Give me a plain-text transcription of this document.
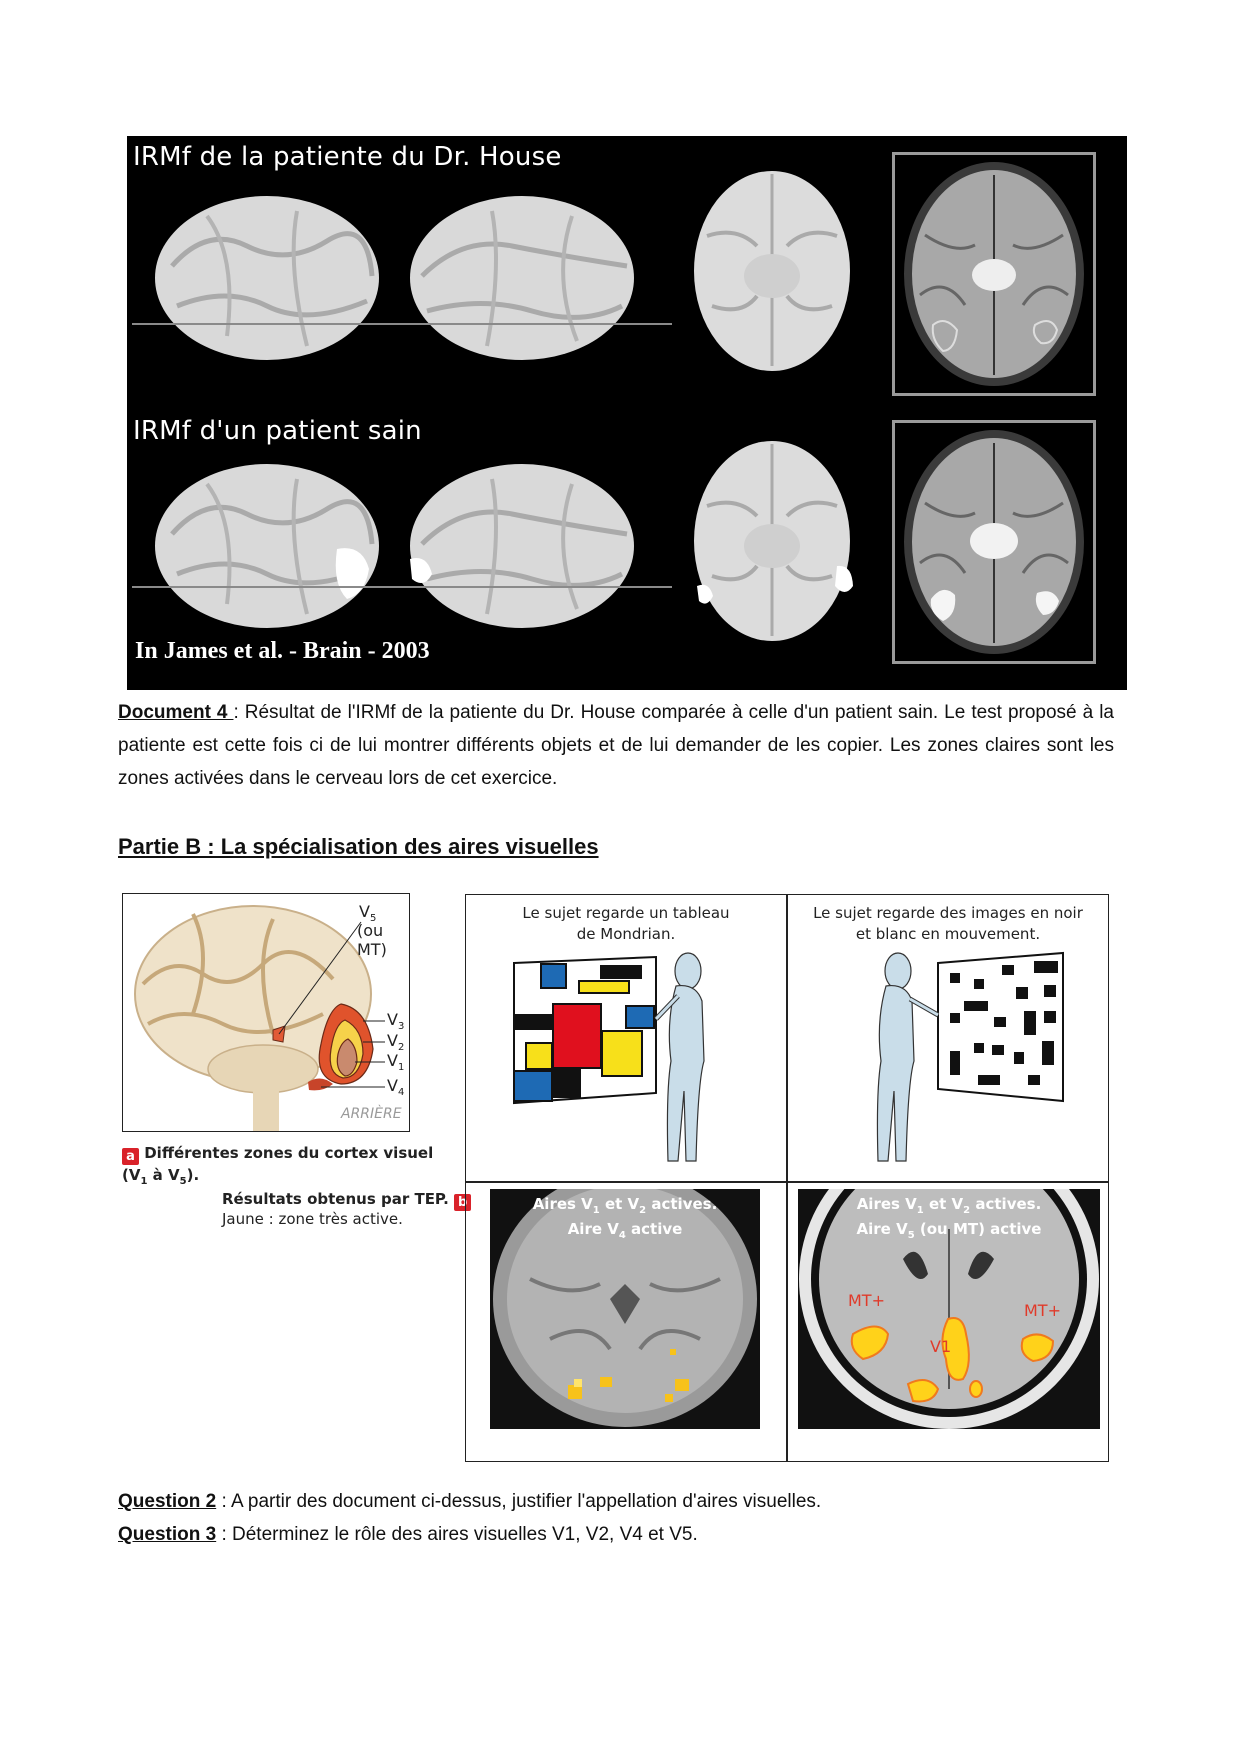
IRMf de la patiente du Dr. House
IRMf d'un patient sain
In James et al. - Brain - 2003
Document 4 : Résultat de l'IRMf de la patiente du Dr. House comparée à celle d'un patient sain. Le test proposé à la patiente est cette fois ci de lui montrer différents objets et de lui demander de les copier. Les zones claires sont les zones activées dans le cerveau lors de cet exercice.
Partie B : La spécialisation des aires visuelles
$V_5$
(ou MT)
$V_3$
$V_2$
$V_1$
$V_4$
ARRIÈRE
a Différentes zones du cortex visuel
($V_1$ à $V_5$).
Résultats obtenus par TEP. b
Jaune : zone très active.
Le sujet regarde un tableau
de Mondrian.
Le sujet regarde des images en noir
et blanc en mouvement.
Aires $V_1$ et $V_2$ actives.
Aire $V_4$ active
Aires $V_1$ et $V_2$ actives.
Aire $V_5$ (ou MT) active
MT+
MT+
V1
Question 2 : A partir des document ci-dessus, justifier l'appellation d'aires visuelles.
Question 3 : Déterminez le rôle des aires visuelles V1, V2, V4 et V5.
